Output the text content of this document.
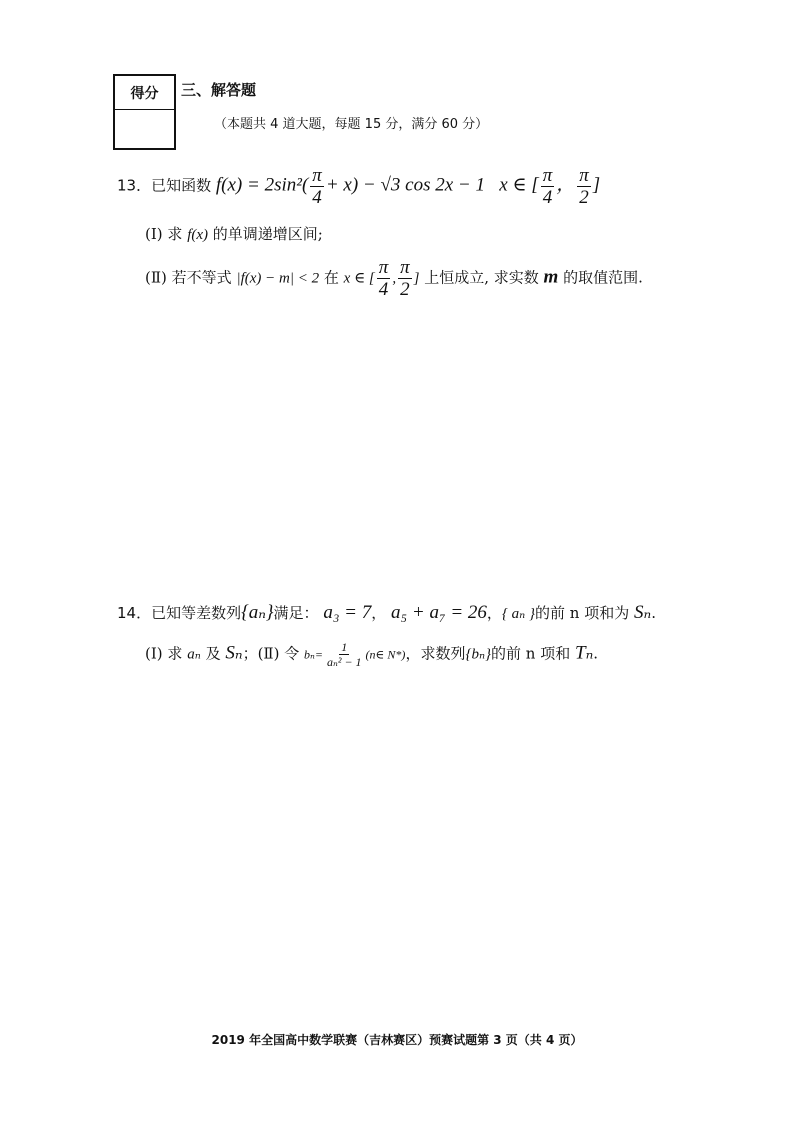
得分	三、解答题
（本题共 4 道大题，每题 15 分，满分 60 分）
13．已知函数 $f(x) = 2\sin^2( \frac{\pi}{4} + x) - √3$ cos 2x − 1 x ∈ [ $\frac{\pi}{4}$ ， $\frac{\pi}{2}$ ]
(Ⅰ) 求 f(x) 的单调递增区间;
(Ⅱ) 若不等式 |f(x) − m| < 2 在 x ∈ [ $\frac{\pi}{4}$ , $\frac{\pi}{2}$ ] 上恒成立, 求实数 m 的取值范围.
14．已知等差数列{aₙ}满足： a₃ = 7， a₅ + a₇ = 26，{ aₙ }的前 n 项和为 Sₙ.
(Ⅰ) 求 aₙ 及 Sₙ；(Ⅱ) 令 $b_n= \frac{1}{\text{aₙ² − 1}}$ (n∈ N*)，求数列{bₙ}的前 n 项和 Tₙ.
2019 年全国高中数学联赛（吉林赛区）预赛试题第 3 页（共 4 页）
